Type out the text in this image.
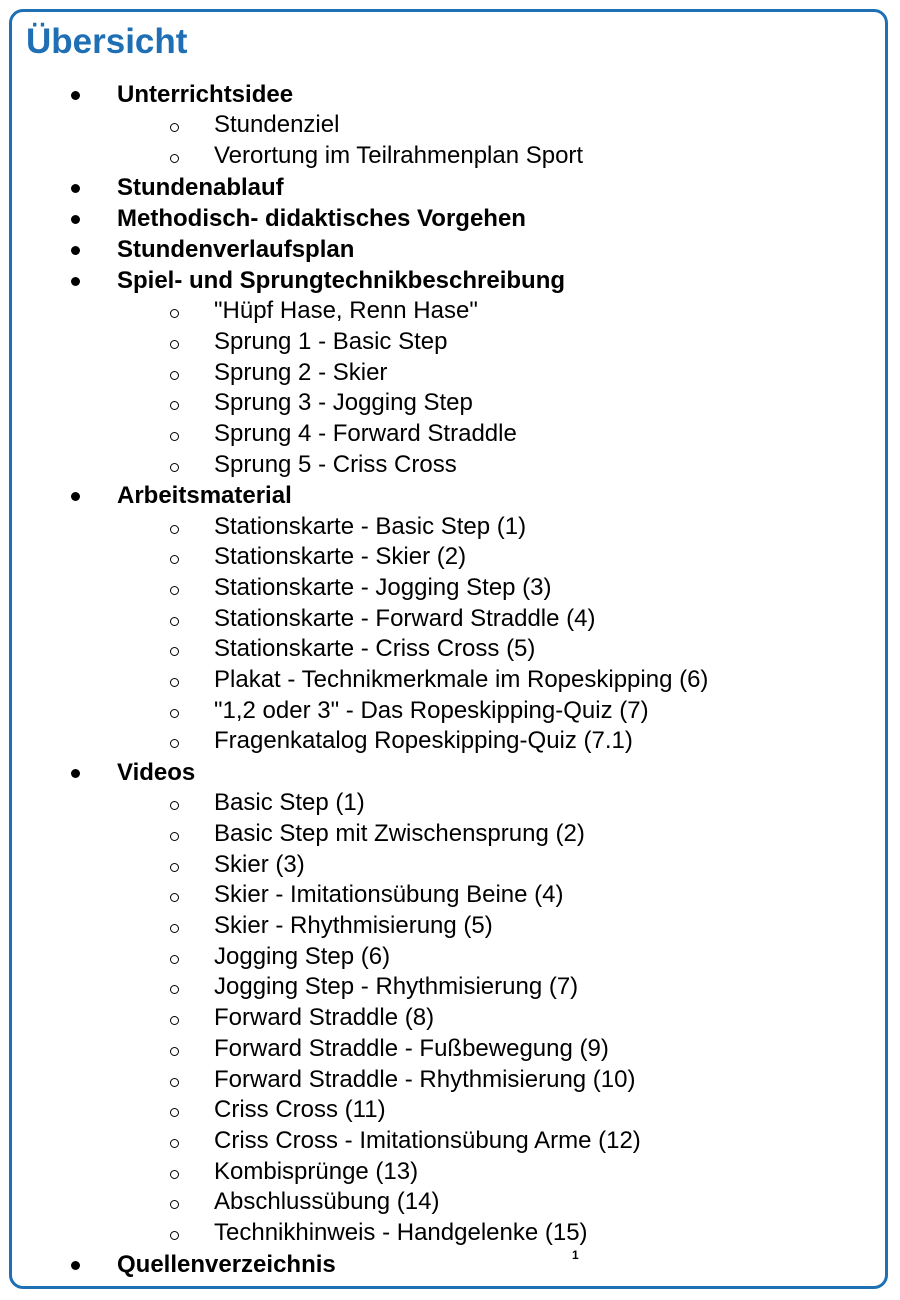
Übersicht
Unterrichtsidee
Stundenziel
Verortung im Teilrahmenplan Sport
Stundenablauf
Methodisch- didaktisches Vorgehen
Stundenverlaufsplan
Spiel- und Sprungtechnikbeschreibung
"Hüpf Hase, Renn Hase"
Sprung 1 - Basic Step
Sprung 2 - Skier
Sprung 3 - Jogging Step
Sprung 4 - Forward Straddle
Sprung 5 - Criss Cross
Arbeitsmaterial
Stationskarte - Basic Step (1)
Stationskarte - Skier (2)
Stationskarte - Jogging Step (3)
Stationskarte - Forward Straddle (4)
Stationskarte - Criss Cross (5)
Plakat - Technikmerkmale im Ropeskipping (6)
"1,2 oder 3" - Das Ropeskipping-Quiz (7)
Fragenkatalog Ropeskipping-Quiz (7.1)
Videos
Basic Step (1)
Basic Step mit Zwischensprung (2)
Skier (3)
Skier - Imitationsübung Beine (4)
Skier - Rhythmisierung (5)
Jogging Step (6)
Jogging Step - Rhythmisierung (7)
Forward Straddle (8)
Forward Straddle - Fußbewegung (9)
Forward Straddle - Rhythmisierung (10)
Criss Cross (11)
Criss Cross - Imitationsübung Arme (12)
Kombisprünge (13)
Abschlussübung (14)
Technikhinweis - Handgelenke (15)
Quellenverzeichnis	1
